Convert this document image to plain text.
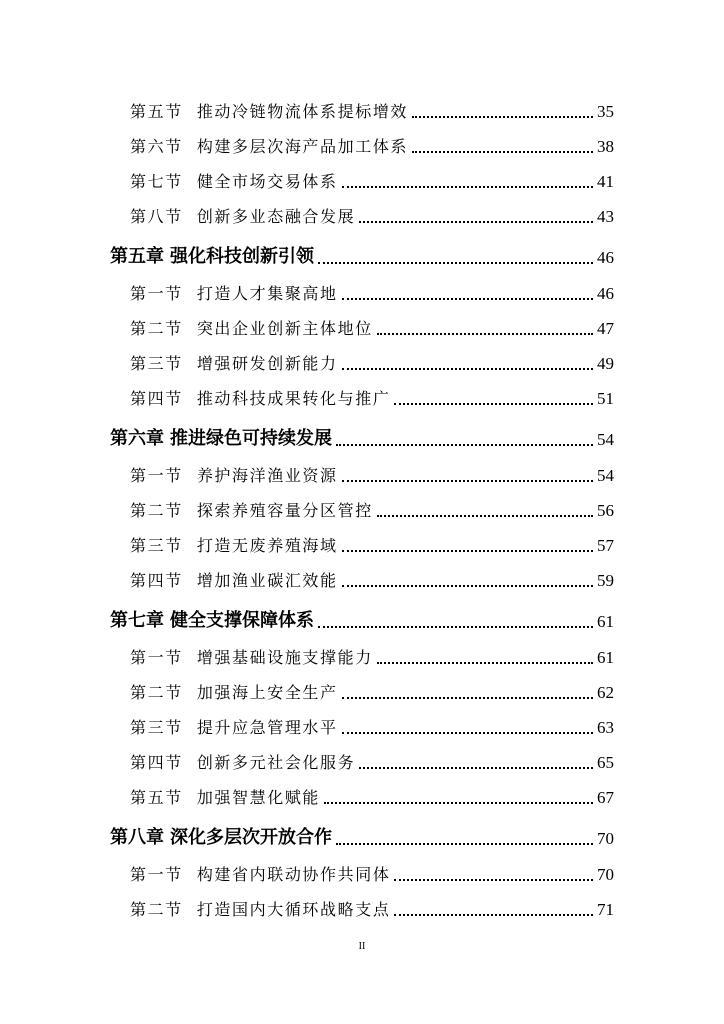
第五节 推动冷链物流体系提标增效	35
第六节 构建多层次海产品加工体系	38
第七节 健全市场交易体系	41
第八节 创新多业态融合发展	43
第五章 强化科技创新引领	46
第一节 打造人才集聚高地	46
第二节 突出企业创新主体地位	47
第三节 增强研发创新能力	49
第四节 推动科技成果转化与推广	51
第六章 推进绿色可持续发展	54
第一节 养护海洋渔业资源	54
第二节 探索养殖容量分区管控	56
第三节 打造无废养殖海域	57
第四节 增加渔业碳汇效能	59
第七章 健全支撑保障体系	61
第一节 增强基础设施支撑能力	61
第二节 加强海上安全生产	62
第三节 提升应急管理水平	63
第四节 创新多元社会化服务	65
第五节 加强智慧化赋能	67
第八章 深化多层次开放合作	70
第一节 构建省内联动协作共同体	70
第二节 打造国内大循环战略支点	71
II
